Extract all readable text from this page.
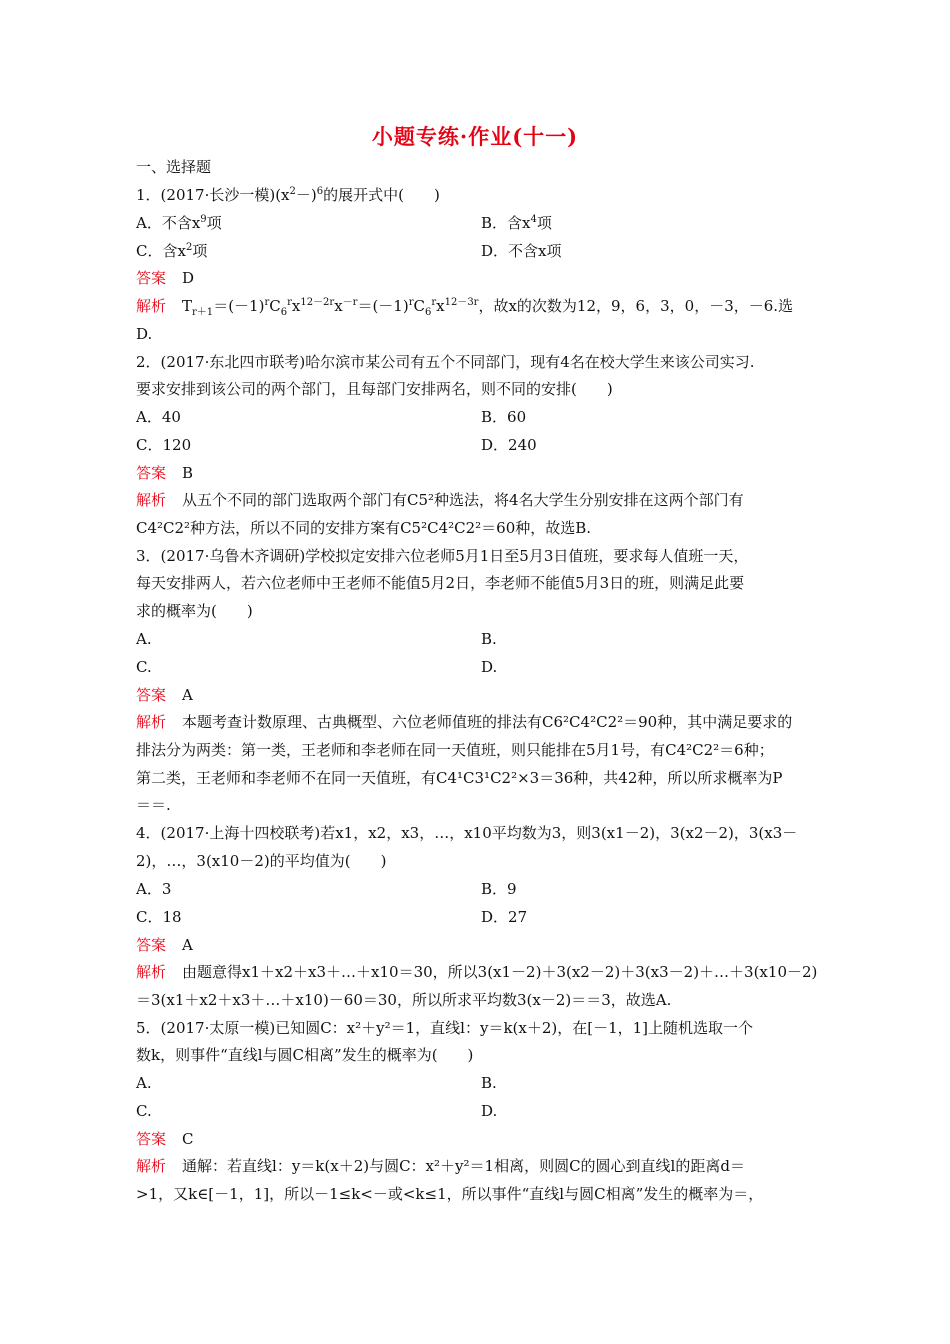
小题专练·作业(十一)
一、选择题
1．(2017·长沙一模)$(x^2-)^6$的展开式中(　　)
A．不含$x^9$项	B．含$x^4$项
C．含$x^2$项	D．不含x项
答案 D
解析 $T_{r+1}=(-1)^rC_6^rx^{12-2r}x^{-r}=(-1)^rC_6^rx^{12-3r}$，故x的次数为12，9，6，3，0，－3，－6.选
D.
2．(2017·东北四市联考)哈尔滨市某公司有五个不同部门，现有4名在校大学生来该公司实习.
要求安排到该公司的两个部门，且每部门安排两名，则不同的安排(　　)
A．40	B．60
C．120	D．240
答案 B
解析 从五个不同的部门选取两个部门有C5²种选法，将4名大学生分别安排在这两个部门有
C4²C2²种方法，所以不同的安排方案有C5²C4²C2²＝60种，故选B.
3．(2017·乌鲁木齐调研)学校拟定安排六位老师5月1日至5月3日值班，要求每人值班一天，
每天安排两人，若六位老师中王老师不能值5月2日，李老师不能值5月3日的班，则满足此要
求的概率为(　　)
A.	B.
C.	D.
答案 A
解析 本题考查计数原理、古典概型、六位老师值班的排法有C6²C4²C2²＝90种，其中满足要求的
排法分为两类：第一类，王老师和李老师在同一天值班，则只能排在5月1号，有C4²C2²＝6种；
第二类，王老师和李老师不在同一天值班，有C4¹C3¹C2²×3＝36种，共42种，所以所求概率为P
＝＝.
4．(2017·上海十四校联考)若x1，x2，x3，…，x10平均数为3，则3(x1－2)，3(x2－2)，3(x3－
2)，…，3(x10－2)的平均值为(　　)
A．3	B．9
C．18	D．27
答案 A
解析 由题意得x1＋x2＋x3＋…＋x10＝30，所以3(x1－2)＋3(x2－2)＋3(x3－2)＋…＋3(x10－2)
＝3(x1＋x2＋x3＋…＋x10)－60＝30，所以所求平均数3(x－2)＝＝3，故选A.
5．(2017·太原一模)已知圆C：x²＋y²＝1，直线l：y＝k(x＋2)，在[－1，1]上随机选取一个
数k，则事件“直线l与圆C相离”发生的概率为(　　)
A.	B.
C.	D.
答案 C
解析 通解：若直线l：y＝k(x＋2)与圆C：x²＋y²＝1相离，则圆C的圆心到直线l的距离d＝
>1，又k∈[－1，1]，所以－1≤k<－或<k≤1，所以事件“直线l与圆C相离”发生的概率为＝，
